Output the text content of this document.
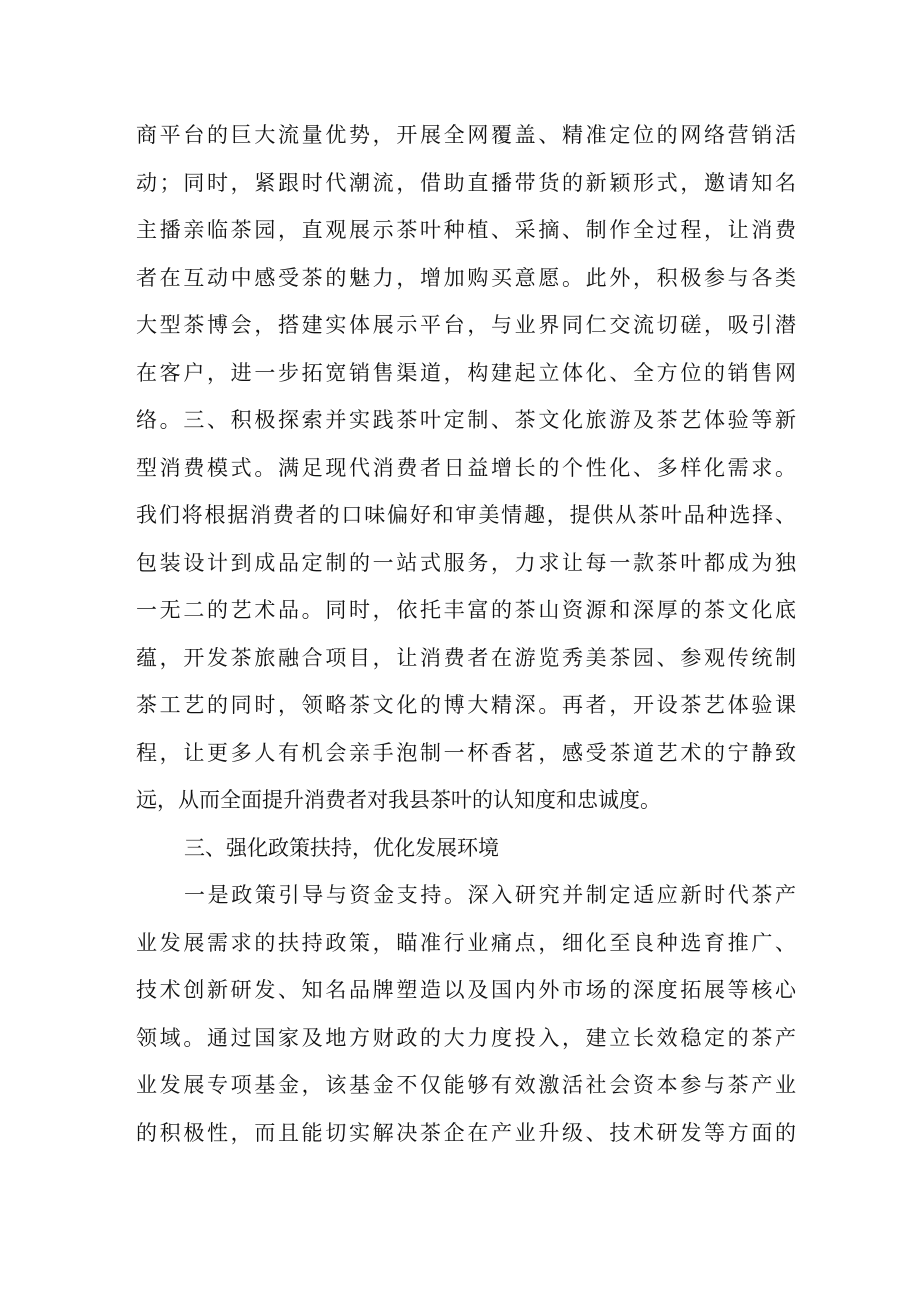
商平台的巨大流量优势，开展全网覆盖、精准定位的网络营销活
动；同时，紧跟时代潮流，借助直播带货的新颖形式，邀请知名
主播亲临茶园，直观展示茶叶种植、采摘、制作全过程，让消费
者在互动中感受茶的魅力，增加购买意愿。此外，积极参与各类
大型茶博会，搭建实体展示平台，与业界同仁交流切磋，吸引潜
在客户，进一步拓宽销售渠道，构建起立体化、全方位的销售网
络。三、积极探索并实践茶叶定制、茶文化旅游及茶艺体验等新
型消费模式。满足现代消费者日益增长的个性化、多样化需求。
我们将根据消费者的口味偏好和审美情趣，提供从茶叶品种选择、
包装设计到成品定制的一站式服务，力求让每一款茶叶都成为独
一无二的艺术品。同时，依托丰富的茶山资源和深厚的茶文化底
蕴，开发茶旅融合项目，让消费者在游览秀美茶园、参观传统制
茶工艺的同时，领略茶文化的博大精深。再者，开设茶艺体验课
程，让更多人有机会亲手泡制一杯香茗，感受茶道艺术的宁静致
远，从而全面提升消费者对我县茶叶的认知度和忠诚度。
三、强化政策扶持，优化发展环境
一是政策引导与资金支持。深入研究并制定适应新时代茶产
业发展需求的扶持政策，瞄准行业痛点，细化至良种选育推广、
技术创新研发、知名品牌塑造以及国内外市场的深度拓展等核心
领域。通过国家及地方财政的大力度投入，建立长效稳定的茶产
业发展专项基金，该基金不仅能够有效激活社会资本参与茶产业
的积极性，而且能切实解决茶企在产业升级、技术研发等方面的
